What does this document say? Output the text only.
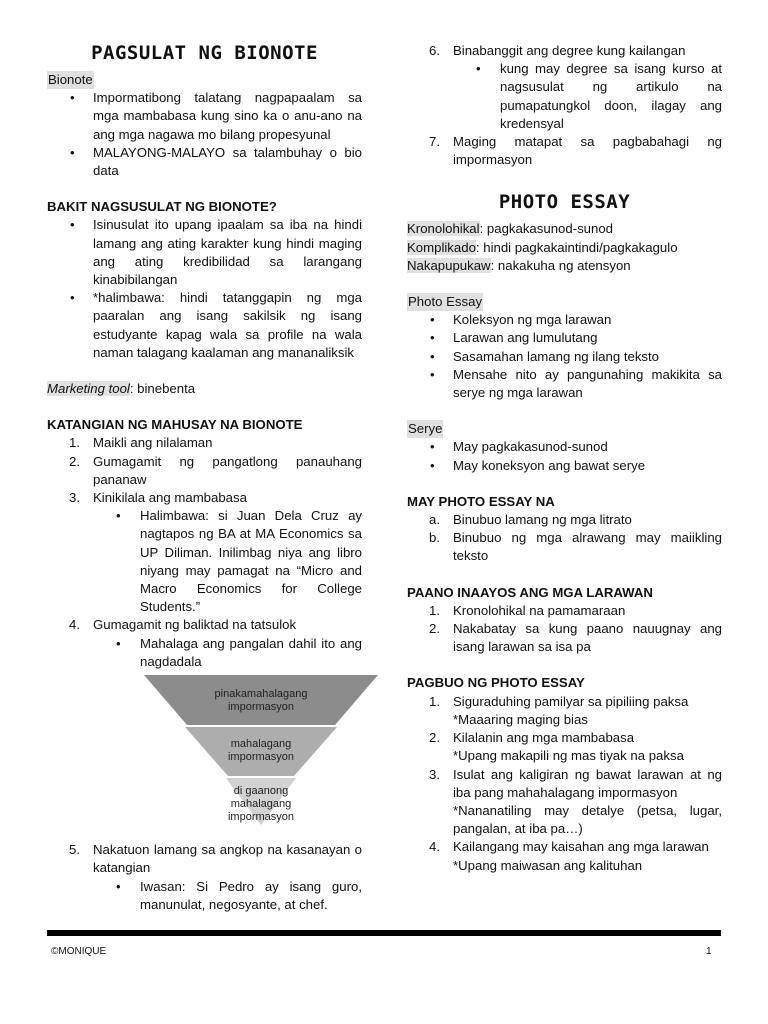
PAGSULAT NG BIONOTE
Bionote
• Impormatibong talatang nagpapaalam sa mga mambabasa kung sino ka o anu-ano na ang mga nagawa mo bilang propesyunal
• MALAYONG-MALAYO sa talambuhay o bio data
BAKIT NAGSUSULAT NG BIONOTE?
• Isinusulat ito upang ipaalam sa iba na hindi lamang ang ating karakter kung hindi maging ang ating kredibilidad sa larangang kinabibilangan
• *halimbawa: hindi tatanggapin ng mga paaralan ang isang sakilsik ng isang estudyante kapag wala sa profile na wala naman talagang kaalaman ang mananaliksik
Marketing tool: binebenta
KATANGIAN NG MAHUSAY NA BIONOTE
1. Maikli ang nilalaman
2. Gumagamit ng pangatlong panauhang pananaw
3. Kinikilala ang mambabasa
• Halimbawa: si Juan Dela Cruz ay nagtapos ng BA at MA Economics sa UP Diliman. Inilimbag niya ang libro niyang may pamagat na “Micro and Macro Economics for College Students.”
4. Gumagamit ng baliktad na tatsulok
• Mahalaga ang pangalan dahil ito ang nagdadala
pinakamahalagang impormasyon
mahalagang impormasyon
di gaanong mahalagang impormasyon
5. Nakatuon lamang sa angkop na kasanayan o katangian
• Iwasan: Si Pedro ay isang guro, manunulat, negosyante, at chef.
6. Binabanggit ang degree kung kailangan
• kung may degree sa isang kurso at nagsusulat ng artikulo na pumapatungkol doon, ilagay ang kredensyal
7. Maging matapat sa pagbabahagi ng impormasyon
PHOTO ESSAY
Kronolohikal: pagkakasunod-sunod
Komplikado: hindi pagkakaintindi/pagkakagulo
Nakapupukaw: nakakuha ng atensyon
Photo Essay
• Koleksyon ng mga larawan
• Larawan ang lumulutang
• Sasamahan lamang ng ilang teksto
• Mensahe nito ay pangunahing makikita sa serye ng mga larawan
Serye
• May pagkakasunod-sunod
• May koneksyon ang bawat serye
MAY PHOTO ESSAY NA
a. Binubuo lamang ng mga litrato
b. Binubuo ng mga alrawang may maiikling teksto
PAANO INAAYOS ANG MGA LARAWAN
1. Kronolohikal na pamamaraan
2. Nakabatay sa kung paano nauugnay ang isang larawan sa isa pa
PAGBUO NG PHOTO ESSAY
1. Siguraduhing pamilyar sa pipiliing paksa
*Maaaring maging bias
2. Kilalanin ang mga mambabasa
*Upang makapili ng mas tiyak na paksa
3. Isulat ang kaligiran ng bawat larawan at ng iba pang mahahalagang impormasyon
*Nananatiling may detalye (petsa, lugar, pangalan, at iba pa…)
4. Kailangang may kaisahan ang mga larawan
*Upang maiwasan ang kalituhan
©MONIQUE	1
